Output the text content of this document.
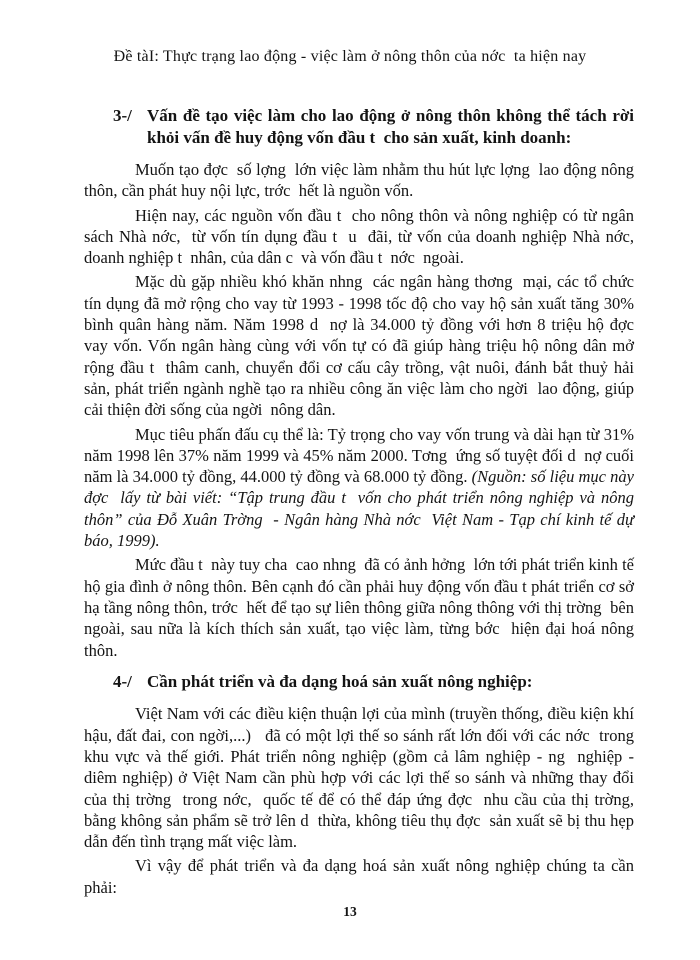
Đề tàI: Thực trạng lao động - việc làm ở nông thôn của nớc  ta hiện nay
3-/ Vấn đề tạo việc làm cho lao động ở nông thôn không thể tách rời khỏi vấn đề huy động vốn đầu t  cho sản xuất, kinh doanh:

Muốn tạo đợc  số lợng  lớn việc làm nhằm thu hút lực lợng  lao động nông thôn, cần phát huy nội lực, trớc  hết là nguồn vốn.

Hiện nay, các nguồn vốn đầu t  cho nông thôn và nông nghiệp có từ ngân sách Nhà nớc,  từ vốn tín dụng đầu t  u  đãi, từ vốn của doanh nghiệp Nhà nớc,  doanh nghiệp t  nhân, của dân c  và vốn đầu t  nớc  ngoài.

Mặc dù gặp nhiều khó khăn nhng  các ngân hàng thơng  mại, các tổ chức tín dụng đã mở rộng cho vay từ 1993 - 1998 tốc độ cho vay hộ sản xuất tăng 30% bình quân hàng năm. Năm 1998 d  nợ là 34.000 tỷ đồng với hơn 8 triệu hộ đợc  vay vốn. Vốn ngân hàng cùng với vốn tự có đã giúp hàng triệu hộ nông dân mở rộng đầu t  thâm canh, chuyển đổi cơ cấu cây trồng, vật nuôi, đánh bắt thuỷ hải sản, phát triển ngành nghề tạo ra nhiều công ăn việc làm cho ngời  lao động, giúp cải thiện đời sống của ngời  nông dân.

Mục tiêu phấn đấu cụ thể là: Tỷ trọng cho vay vốn trung và dài hạn từ 31% năm 1998 lên 37% năm 1999 và 45% năm 2000. Tơng  ứng số tuyệt đối d  nợ cuối năm là 34.000 tỷ đồng, 44.000 tỷ đồng và 68.000 tỷ đồng. (Nguồn: số liệu mục này đợc  lấy từ bài viết: “Tập trung đầu t  vốn cho phát triển nông nghiệp và nông thôn” của Đỗ Xuân Trờng  - Ngân hàng Nhà nớc  Việt Nam - Tạp chí kinh tế dự báo, 1999).

Mức đầu t  này tuy cha  cao nhng  đã có ảnh hởng  lớn tới phát triển kinh tế hộ gia đình ở nông thôn. Bên cạnh đó cần phải huy động vốn đầu t phát triển cơ sở hạ tầng nông thôn, trớc  hết để tạo sự liên thông giữa nông thông với thị trờng  bên ngoài, sau nữa là kích thích sản xuất, tạo việc làm, từng bớc  hiện đại hoá nông thôn.

4-/ Cần phát triển và đa dạng hoá sản xuất nông nghiệp:

Việt Nam với các điều kiện thuận lợi của mình (truyền thống, điều kiện khí hậu, đất đai, con ngời,...)   đã có một lợi thế so sánh rất lớn đối với các nớc  trong khu vực và thế giới. Phát triển nông nghiệp (gồm cả lâm nghiệp - ng  nghiệp - diêm nghiệp) ở Việt Nam cần phù hợp với các lợi thế so sánh và những thay đổi của thị trờng  trong nớc,  quốc tế để có thể đáp ứng đợc  nhu cầu của thị trờng,  bằng không sản phẩm sẽ trở lên d  thừa, không tiêu thụ đợc  sản xuất sẽ bị thu hẹp dẫn đến tình trạng mất việc làm.

Vì vậy để phát triển và đa dạng hoá sản xuất nông nghiệp chúng ta cần phải:

13
